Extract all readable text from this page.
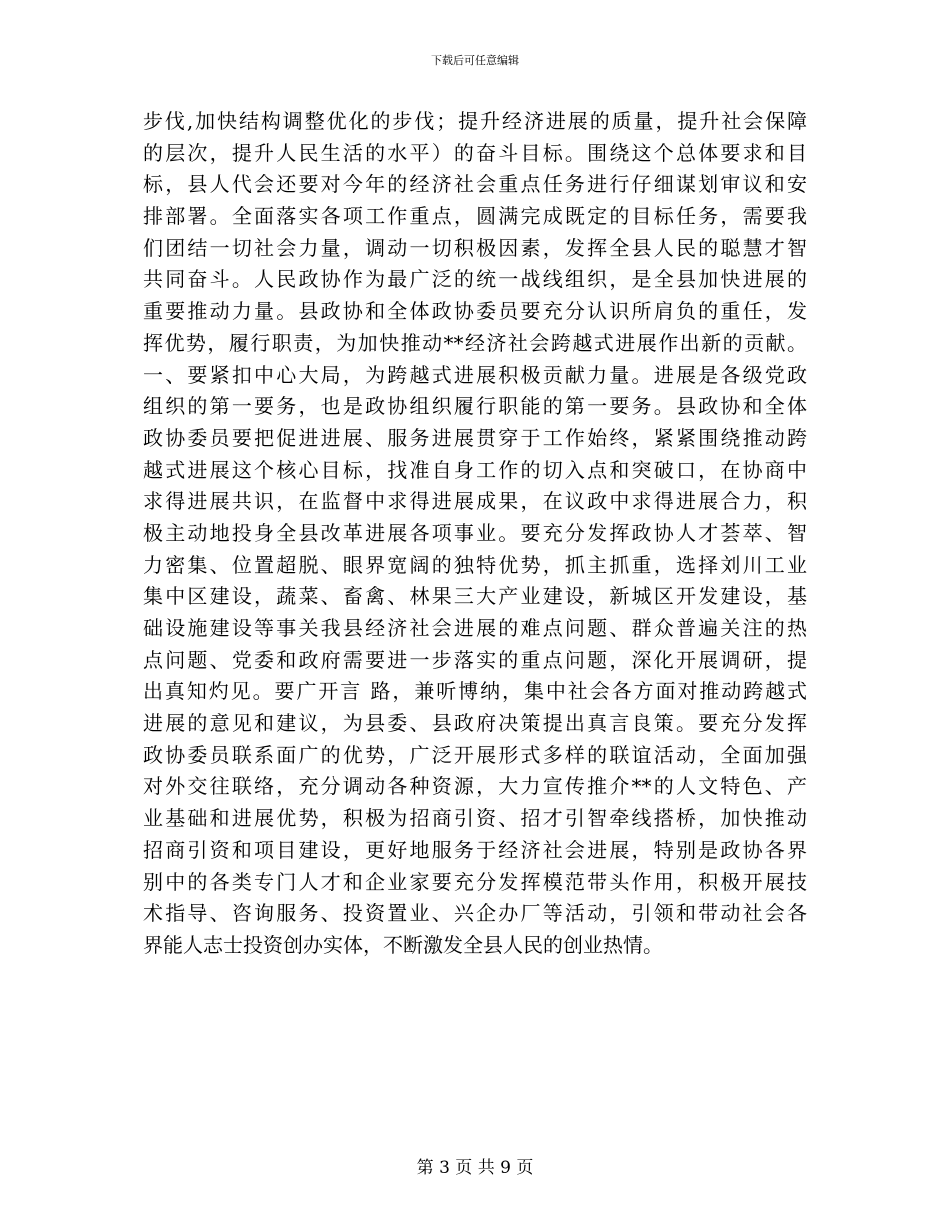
下载后可任意编辑
步伐,加快结构调整优化的步伐；提升经济进展的质量，提升社会保障
的层次，提升人民生活的水平）的奋斗目标。围绕这个总体要求和目
标，县人代会还要对今年的经济社会重点任务进行仔细谋划审议和安
排部署。全面落实各项工作重点，圆满完成既定的目标任务，需要我
们团结一切社会力量，调动一切积极因素，发挥全县人民的聪慧才智
共同奋斗。人民政协作为最广泛的统一战线组织，是全县加快进展的
重要推动力量。县政协和全体政协委员要充分认识所肩负的重任，发
挥优势，履行职责，为加快推动**经济社会跨越式进展作出新的贡献。
一、要紧扣中心大局，为跨越式进展积极贡献力量。进展是各级党政
组织的第一要务，也是政协组织履行职能的第一要务。县政协和全体
政协委员要把促进进展、服务进展贯穿于工作始终，紧紧围绕推动跨
越式进展这个核心目标，找准自身工作的切入点和突破口，在协商中
求得进展共识，在监督中求得进展成果，在议政中求得进展合力，积
极主动地投身全县改革进展各项事业。要充分发挥政协人才荟萃、智
力密集、位置超脱、眼界宽阔的独特优势，抓主抓重，选择刘川工业
集中区建设，蔬菜、畜禽、林果三大产业建设，新城区开发建设，基
础设施建设等事关我县经济社会进展的难点问题、群众普遍关注的热
点问题、党委和政府需要进一步落实的重点问题，深化开展调研，提
出真知灼见。要广开言 路，兼听博纳，集中社会各方面对推动跨越式
进展的意见和建议，为县委、县政府决策提出真言良策。要充分发挥
政协委员联系面广的优势，广泛开展形式多样的联谊活动，全面加强
对外交往联络，充分调动各种资源，大力宣传推介**的人文特色、产
业基础和进展优势，积极为招商引资、招才引智牵线搭桥，加快推动
招商引资和项目建设，更好地服务于经济社会进展，特别是政协各界
别中的各类专门人才和企业家要充分发挥模范带头作用，积极开展技
术指导、咨询服务、投资置业、兴企办厂等活动，引领和带动社会各
界能人志士投资创办实体，不断激发全县人民的创业热情。
第 3 页 共 9 页
